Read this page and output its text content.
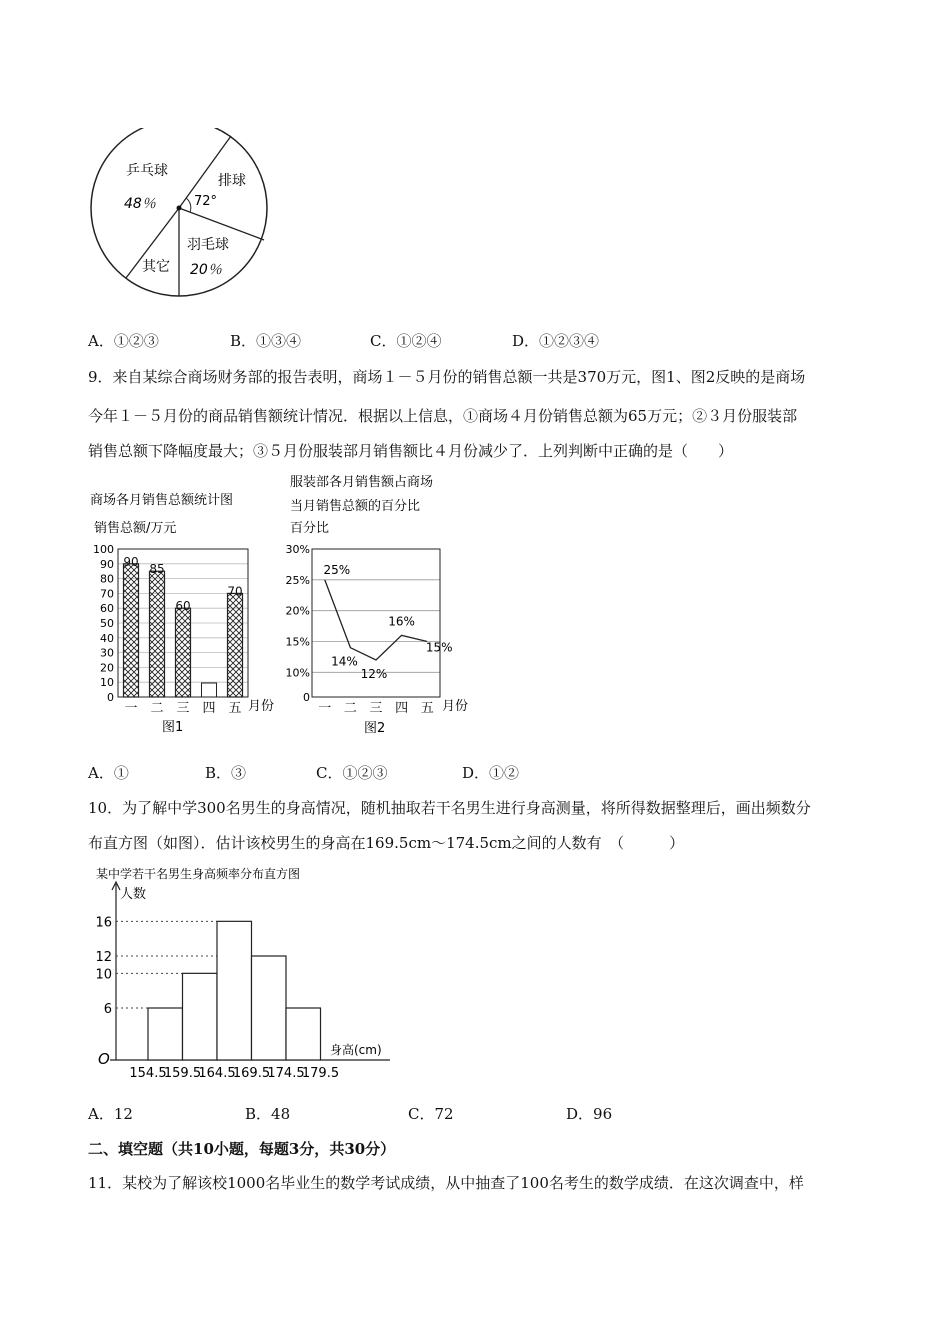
乒乓球
48％
排球
72°
羽毛球
20％
其它
A．①②③	B．①③④	C．①②④	D．①②③④
9．来自某综合商场财务部的报告表明，商场１－５月份的销售总额一共是370万元，图1、图2反映的是商场
今年１－５月份的商品销售额统计情况．根据以上信息，①商场４月份销售总额为65万元；②３月份服装部
销售总额下降幅度最大；③５月份服装部月销售额比４月份减少了．上列判断中正确的是（　　）
商场各月销售总额统计图
销售总额/万元
0
10
20
30
40
50
60
70
80
90
100
90
85
60
70
一 二 三 四 五 月份
图1
服装部各月销售额占商场
当月销售总额的百分比
百分比
0
10%
15%
20%
25%
30%
25%
14%
12%
16%
15%
一 二 三 四 五 月份
图2
A．①	B．③	C．①②③	D．①②
10．为了解中学300名男生的身高情况，随机抽取若干名男生进行身高测量，将所得数据整理后，画出频数分
布直方图（如图）．估计该校男生的身高在169.5cm～174.5cm之间的人数有　（　　　）
某中学若干名男生身高频率分布直方图
人数
O
6
10
12
16
154.5
159.5
164.5
169.5
174.5
179.5
身高(cm)
A．12	B．48	C．72	D．96
二、填空题（共10小题，每题3分，共30分）
11．某校为了解该校1000名毕业生的数学考试成绩，从中抽查了100名考生的数学成绩．在这次调查中，样
